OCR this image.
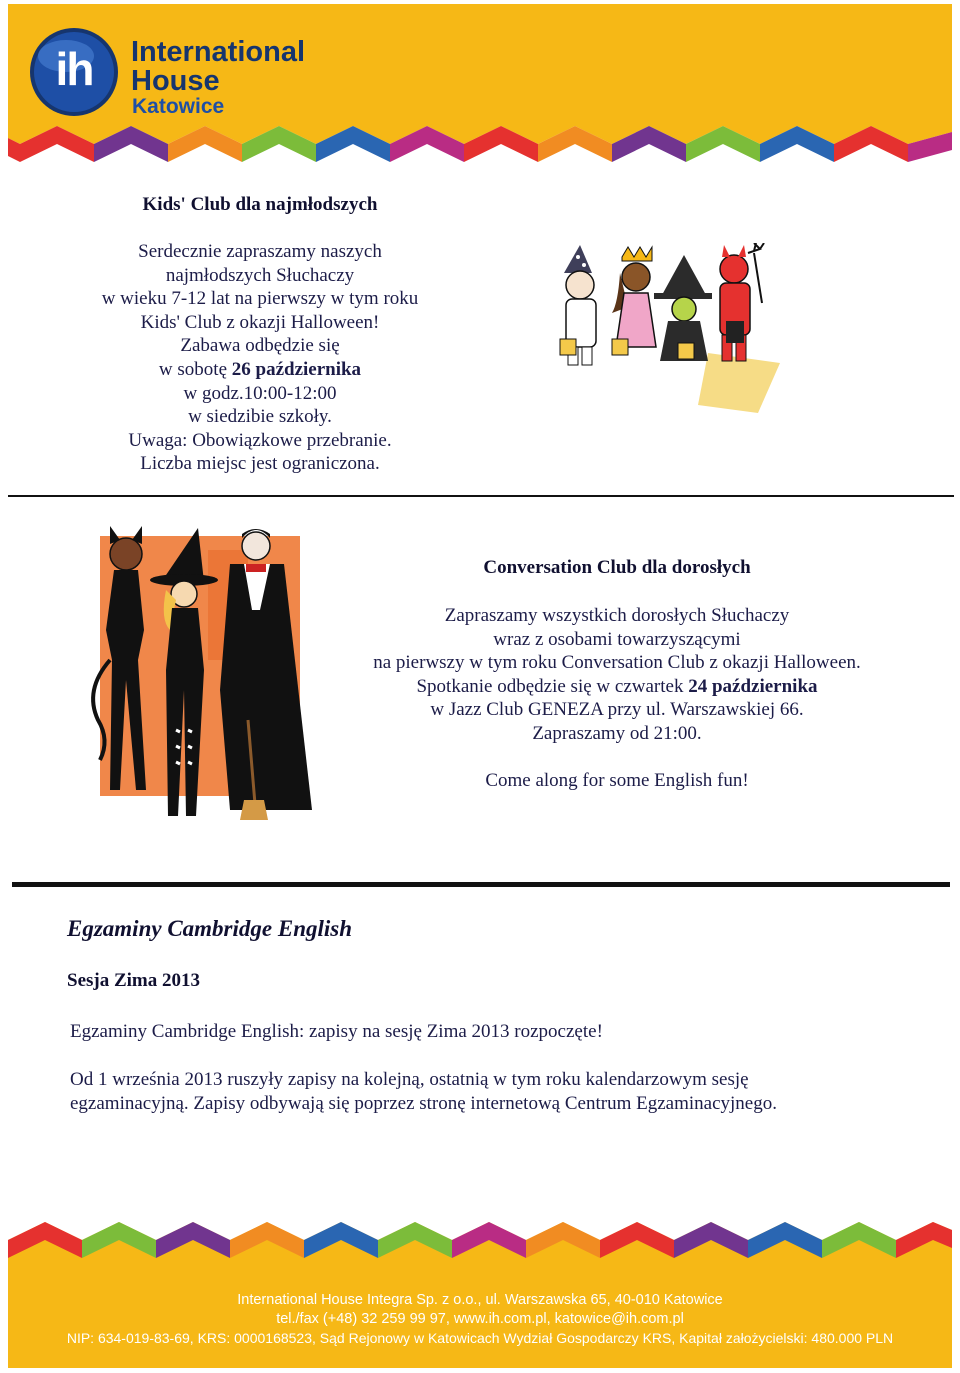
ih	International
House
Katowice
Kids' Club dla najmłodszych
Serdecznie zapraszamy naszych
najmłodszych Słuchaczy
w wieku 7-12 lat na pierwszy w tym roku
Kids' Club z okazji Halloween!
Zabawa odbędzie się
w sobotę 26 października
w godz.10:00-12:00
w siedzibie szkoły.
Uwaga: Obowiązkowe przebranie.
Liczba miejsc jest ograniczona.
Conversation Club dla dorosłych
Zapraszamy wszystkich dorosłych Słuchaczy
wraz z osobami towarzyszącymi
na pierwszy w tym roku Conversation Club z okazji Halloween.
Spotkanie odbędzie się w czwartek 24 października
w Jazz Club GENEZA przy ul. Warszawskiej 66.
Zapraszamy od 21:00.
Come along for some English fun!
Egzaminy Cambridge English
Sesja Zima 2013
Egzaminy Cambridge English: zapisy na sesję Zima 2013 rozpoczęte!
Od 1 września 2013 ruszyły zapisy na kolejną, ostatnią w tym roku kalendarzowym sesję
egzaminacyjną. Zapisy odbywają się poprzez stronę internetową Centrum Egzaminacyjnego.
International House Integra Sp. z o.o., ul. Warszawska 65, 40-010 Katowice
tel./fax (+48) 32 259 99 97, www.ih.com.pl, katowice@ih.com.pl
NIP: 634-019-83-69, KRS: 0000168523, Sąd Rejonowy w Katowicach Wydział Gospodarczy KRS, Kapitał założycielski: 480.000 PLN
